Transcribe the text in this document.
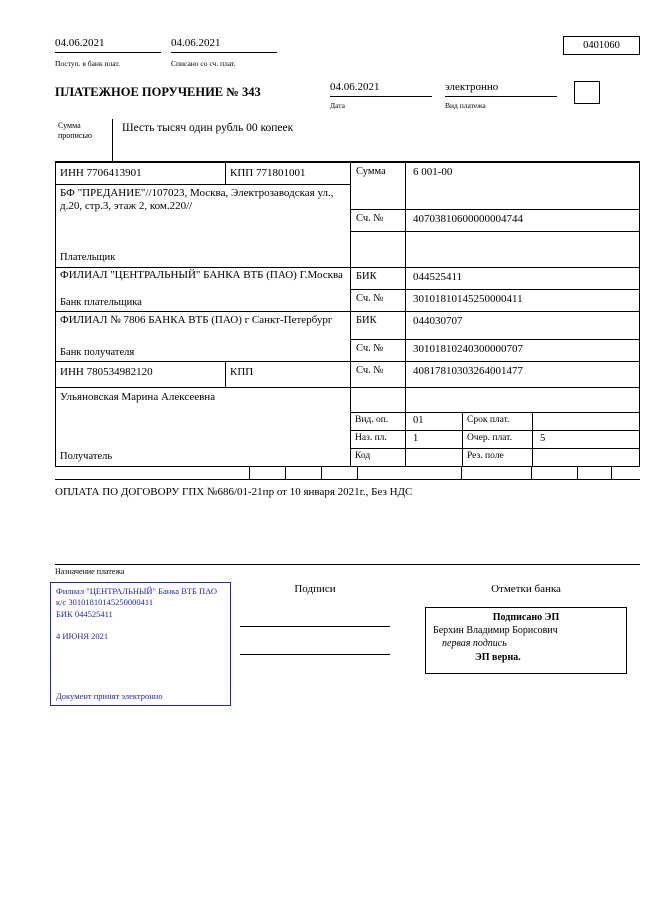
04.06.2021
Поступ. в банк плат.
04.06.2021
Списано со сч. плат.
0401060
ПЛАТЕЖНОЕ ПОРУЧЕНИЕ № 343	04.06.2021
Дата
электронно
Вид платежа
Сумма прописью
Шесть тысяч один рубль 00 копеек
ИНН 7706413901	КПП 771801001
БФ "ПРЕДАНИЕ"//107023, Москва, Электрозаводская ул., д.20, стр.3, этаж 2, ком.220//
Плательщик
ФИЛИАЛ "ЦЕНТРАЛЬНЫЙ" БАНКА ВТБ (ПАО) Г.Москва
Банк плательщика
ФИЛИАЛ № 7806 БАНКА ВТБ (ПАО) г Санкт-Петербург
Банк получателя
ИНН 780534982120	КПП
Ульяновская Марина Алексеевна
Получатель
Сумма	6 001-00
Сч. №	40703810600000004744
БИК	044525411
Сч. №	30101810145250000411
БИК	044030707
Сч. №	30101810240300000707
Сч. №	40817810303264001477
Вид. оп.	01	Срок плат.
Наз. пл.	1	Очер. плат.	5
Код	Рез. поле
ОПЛАТА ПО ДОГОВОРУ ГПХ №686/01-21пр от 10 января 2021г., Без НДС
Назначение платежа
Филиал "ЦЕНТРАЛЬНЫЙ" Банка ВТБ ПАО
к/с 30101810145250000411
БИК 044525411
4 ИЮНЯ 2021
Документ принят электронно
Подписи	Отметки банка
Подписано ЭП
Берхин Владимир Борисович
первая подпись
ЭП верна.
